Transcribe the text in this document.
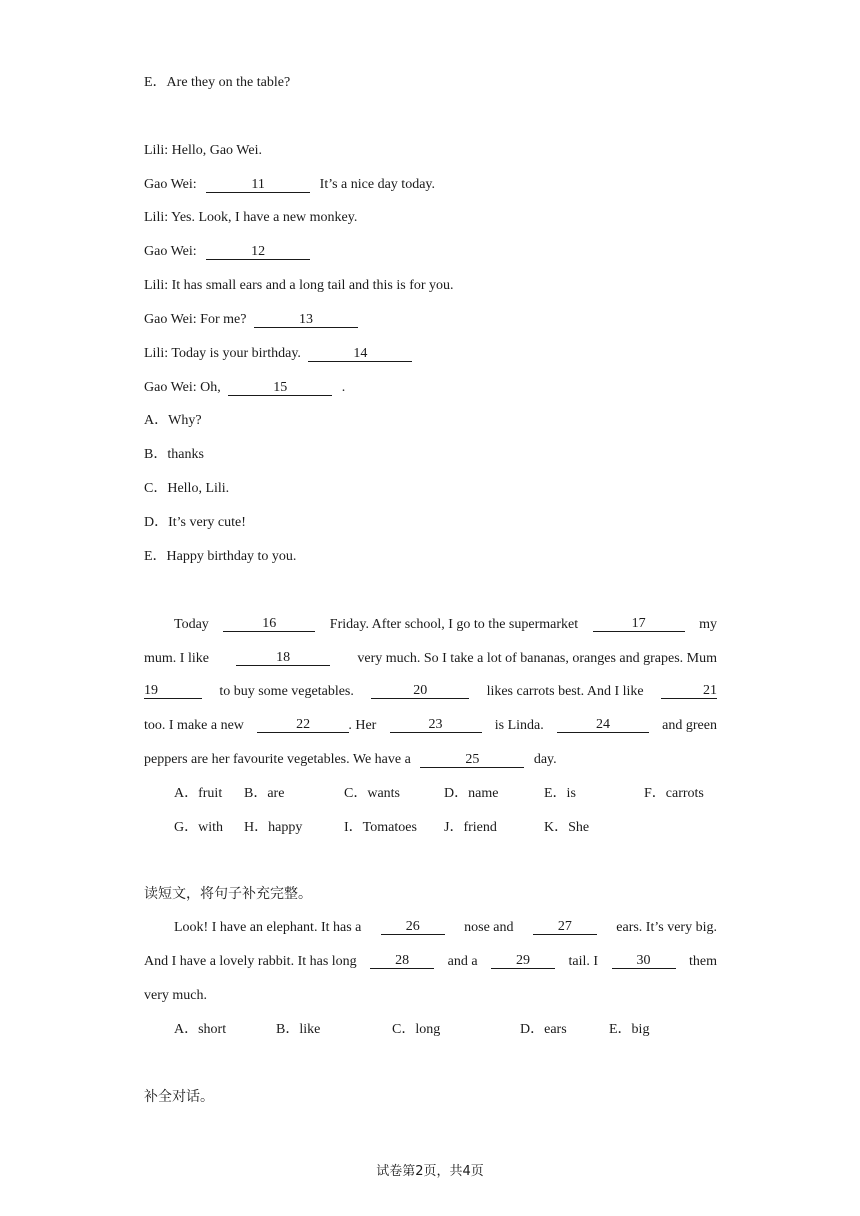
E．Are they on the table?
Lili: Hello, Gao Wei.
Gao Wei:	11	It’s a nice day today.
Lili: Yes. Look, I have a new monkey.
Gao Wei:	12
Lili: It has small ears and a long tail and this is for you.
Gao Wei: For me?	13
Lili: Today is your birthday.	14
Gao Wei: Oh,	15	.
A．Why?
B．thanks
C．Hello, Lili.
D．It’s very cute!
E．Happy birthday to you.
Today	16	Friday. After school, I go to the supermarket	17	my
mum. I like	18	very much. So I take a lot of bananas, oranges and grapes. Mum
19	to buy some vegetables.	20	likes carrots best. And I like	21
too. I make a new	22	. Her	23	is Linda.	24	and green
peppers are her favourite vegetables. We have a	25	day.
A．fruit B．are	C．wants	D．name	E．is	F．carrots
G．with H．happy	I．Tomatoes J．friend	K．She
读短文，将句子补充完整。
Look! I have an elephant. It has a	26	nose and	27	ears. It’s very big.
And I have a lovely rabbit. It has long	28	and a	29	tail. I	30	them
very much.
A．short	B．like	C．long	D．ears	E．big
补全对话。
试卷第2页，共4页
